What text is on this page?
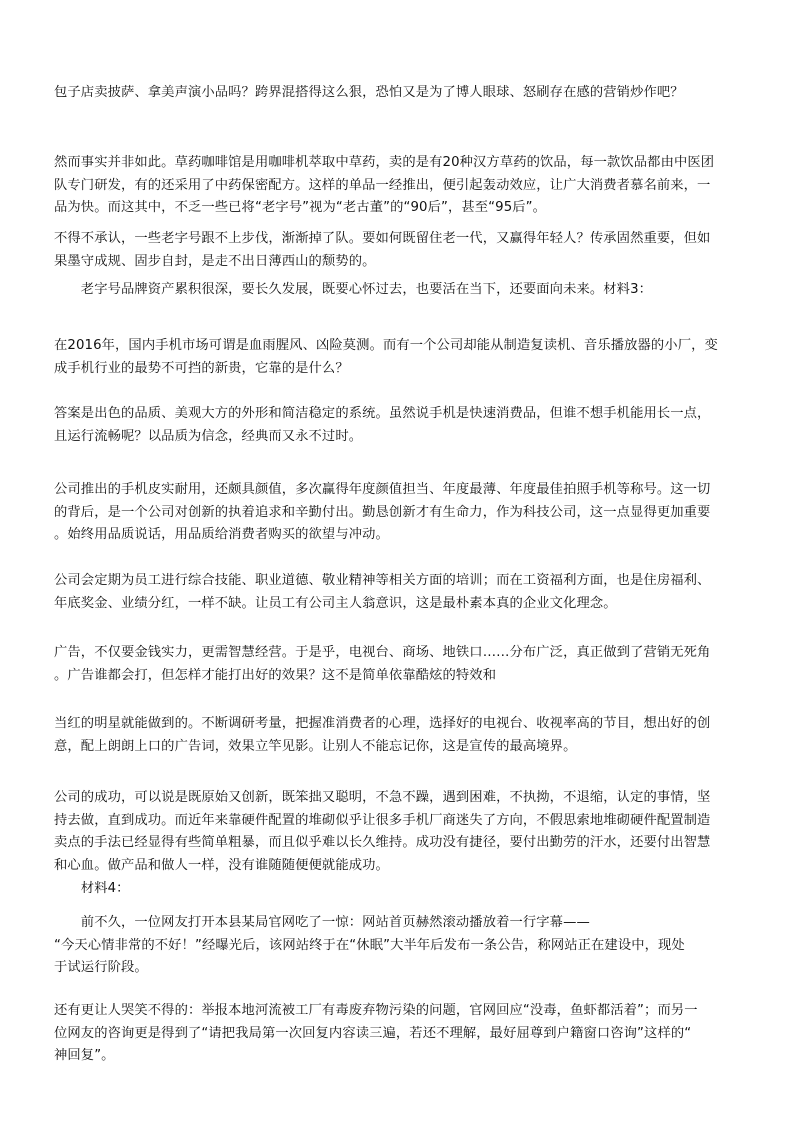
包子店卖披萨、拿美声演小品吗？跨界混搭得这么狠，恐怕又是为了博人眼球、怒刷存在感的营销炒作吧？

然而事实并非如此。草药咖啡馆是用咖啡机萃取中草药，卖的是有20种汉方草药的饮品，每一款饮品都由中医团
队专门研发，有的还采用了中药保密配方。这样的单品一经推出，便引起轰动效应，让广大消费者慕名前来，一
品为快。而这其中，不乏一些已将“老字号”视为“老古董”的“90后”，甚至“95后”。

不得不承认，一些老字号跟不上步伐，渐渐掉了队。要如何既留住老一代，又赢得年轻人？传承固然重要，但如
果墨守成规、固步自封，是走不出日薄西山的颓势的。

　　老字号品牌资产累积很深，要长久发展，既要心怀过去，也要活在当下，还要面向未来。材料3：

在2016年，国内手机市场可谓是血雨腥风、凶险莫测。而有一个公司却能从制造复读机、音乐播放器的小厂，变
成手机行业的最势不可挡的新贵，它靠的是什么？

答案是出色的品质、美观大方的外形和简洁稳定的系统。虽然说手机是快速消费品，但谁不想手机能用长一点，
且运行流畅呢？以品质为信念，经典而又永不过时。

公司推出的手机皮实耐用，还颇具颜值，多次赢得年度颜值担当、年度最薄、年度最佳拍照手机等称号。这一切
的背后，是一个公司对创新的执着追求和辛勤付出。勤恳创新才有生命力，作为科技公司，这一点显得更加重要
。始终用品质说话，用品质给消费者购买的欲望与冲动。

公司会定期为员工进行综合技能、职业道德、敬业精神等相关方面的培训；而在工资福利方面，也是住房福利、
年底奖金、业绩分红，一样不缺。让员工有公司主人翁意识，这是最朴素本真的企业文化理念。

广告，不仅要金钱实力，更需智慧经营。于是乎，电视台、商场、地铁口……分布广泛，真正做到了营销无死角
。广告谁都会打，但怎样才能打出好的效果？这不是简单依靠酷炫的特效和

当红的明星就能做到的。不断调研考量，把握准消费者的心理，选择好的电视台、收视率高的节目，想出好的创
意，配上朗朗上口的广告词，效果立竿见影。让别人不能忘记你，这是宣传的最高境界。

公司的成功，可以说是既原始又创新，既笨拙又聪明，不急不躁，遇到困难，不执拗，不退缩，认定的事情，坚
持去做，直到成功。而近年来靠硬件配置的堆砌似乎让很多手机厂商迷失了方向，不假思索地堆砌硬件配置制造
卖点的手法已经显得有些简单粗暴，而且似乎难以长久维持。成功没有捷径，要付出勤劳的汗水，还要付出智慧
和心血。做产品和做人一样，没有谁随随便便就能成功。

　　材料4：

　　前不久，一位网友打开本县某局官网吃了一惊：网站首页赫然滚动播放着一行字幕——
“今天心情非常的不好！”经曝光后，该网站终于在“休眠”大半年后发布一条公告，称网站正在建设中，现处
于试运行阶段。

还有更让人哭笑不得的：举报本地河流被工厂有毒废弃物污染的问题，官网回应“没毒，鱼虾都活着”；而另一
位网友的咨询更是得到了“请把我局第一次回复内容读三遍，若还不理解，最好屈尊到户籍窗口咨询”这样的“
神回复”。
